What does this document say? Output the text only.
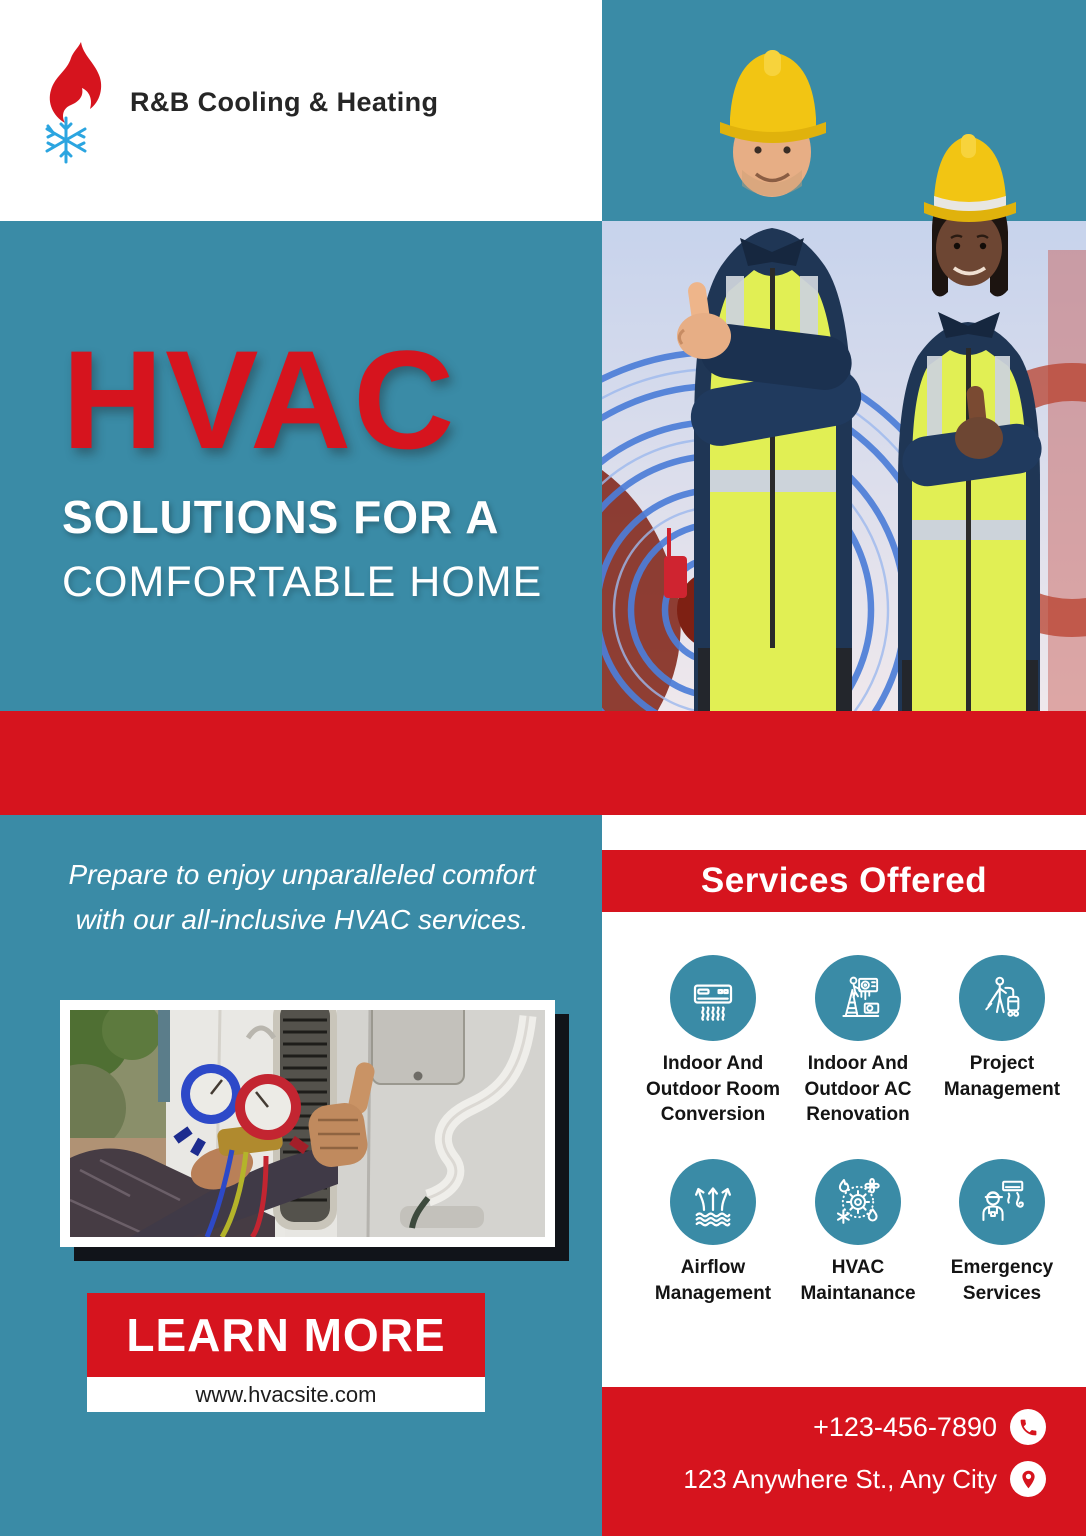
R&B Cooling & Heating
HVAC
SOLUTIONS FOR A
COMFORTABLE HOME
Prepare to enjoy unparalleled comfort with our all-inclusive HVAC services.
LEARN MORE
www.hvacsite.com
Services Offered
Indoor And Outdoor Room Conversion
Indoor And Outdoor AC Renovation
Project Management
Airflow Management
HVAC Maintanance
Emergency Services
+123-456-7890
123 Anywhere St., Any City
